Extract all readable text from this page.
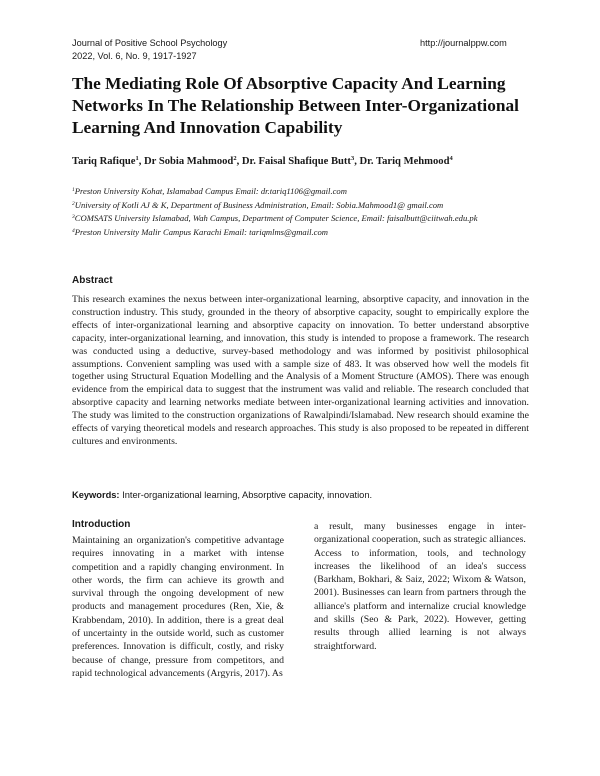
Journal of Positive School Psychology
2022, Vol. 6, No. 9, 1917-1927
http://journalppw.com
The Mediating Role Of Absorptive Capacity And Learning Networks In The Relationship Between Inter-Organizational Learning And Innovation Capability
Tariq Rafique$^1$, Dr Sobia Mahmood$^2$, Dr. Faisal Shafique Butt$^3$, Dr. Tariq Mehmood$^4$
$^1$Preston University Kohat, Islamabad Campus Email: dr.tariq1106@gmail.com
$^2$University of Kotli AJ & K, Department of Business Administration, Email: Sobia.Mahmood1@ gmail.com
$^3$COMSATS University Islamabad, Wah Campus, Department of Computer Science, Email: faisalbutt@ciitwah.edu.pk
$^4$Preston University Malir Campus Karachi Email: tariqmlms@gmail.com
Abstract
This research examines the nexus between inter-organizational learning, absorptive capacity, and innovation in the construction industry. This study, grounded in the theory of absorptive capacity, sought to empirically explore the effects of inter-organizational learning and absorptive capacity on innovation. To better understand absorptive capacity, inter-organizational learning, and innovation, this study is intended to propose a framework. The research was conducted using a deductive, survey-based methodology and was informed by positivist philosophical assumptions. Convenient sampling was used with a sample size of 483. It was observed how well the models fit together using Structural Equation Modelling and the Analysis of a Moment Structure (AMOS). There was enough evidence from the empirical data to suggest that the instrument was valid and reliable. The research concluded that absorptive capacity and learning networks mediate between inter-organizational learning activities and innovation. The study was limited to the construction organizations of Rawalpindi/Islamabad. New research should examine the effects of varying theoretical models and research approaches. This study is also proposed to be repeated in different cultures and environments.
Keywords: Inter-organizational learning, Absorptive capacity, innovation.
Introduction

Maintaining an organization's competitive advantage requires innovating in a market with intense competition and a rapidly changing environment. In other words, the firm can achieve its growth and survival through the ongoing development of new products and management procedures (Ren, Xie, & Krabbendam, 2010). In addition, there is a great deal of uncertainty in the outside world, such as customer preferences. Innovation is difficult, costly, and risky because of change, pressure from competitors, and rapid technological advancements (Argyris, 2017). As

a result, many businesses engage in inter-organizational cooperation, such as strategic alliances.

Access to information, tools, and technology increases the likelihood of an idea's success (Barkham, Bokhari, & Saiz, 2022; Wixom & Watson, 2001). Businesses can learn from partners through the alliance's platform and internalize crucial knowledge and skills (Seo & Park, 2022). However, getting results through allied learning is not always straightforward.
